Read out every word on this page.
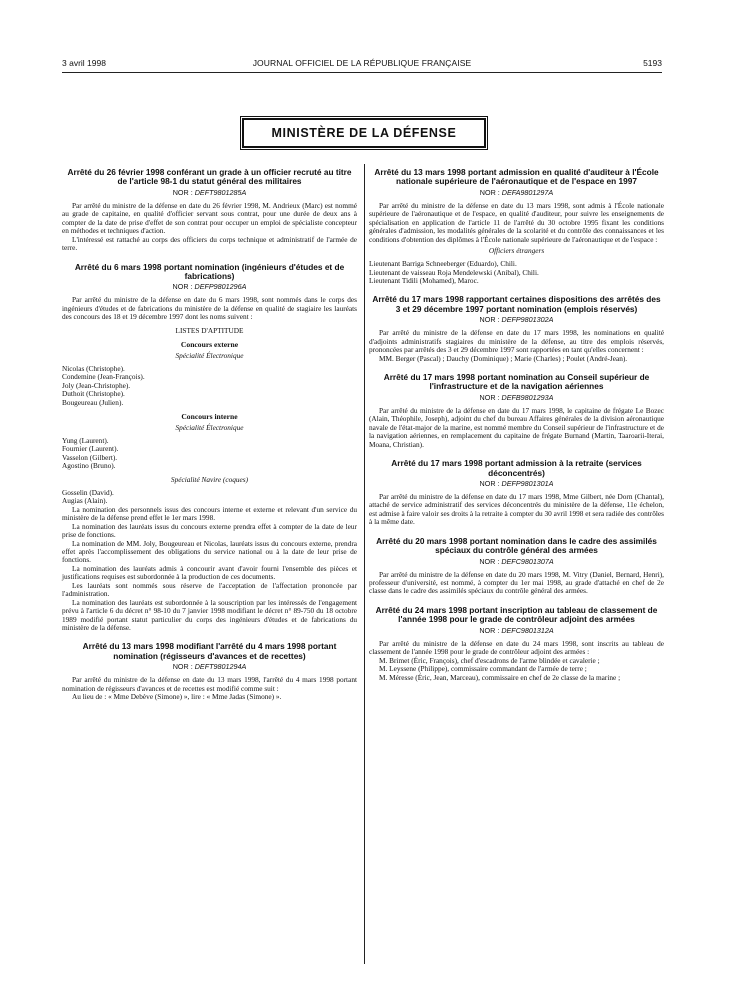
3 avril 1998	JOURNAL OFFICIEL DE LA RÉPUBLIQUE FRANÇAISE	5193
MINISTÈRE DE LA DÉFENSE
Arrêté du 26 février 1998 conférant un grade à un officier recruté au titre de l'article 98-1 du statut général des militaires
NOR : DEFT9801285A

Par arrêté du ministre de la défense en date du 26 février 1998, M. Andrieux (Marc) est nommé au grade de capitaine, en qualité d'officier servant sous contrat, pour une durée de deux ans à compter de la date de prise d'effet de son contrat pour occuper un emploi de spécialiste concepteur en méthodes et techniques d'action.

L'intéressé est rattaché au corps des officiers du corps technique et administratif de l'armée de terre.

Arrêté du 6 mars 1998 portant nomination (ingénieurs d'études et de fabrications)
NOR : DEFP9801296A

Par arrêté du ministre de la défense en date du 6 mars 1998, sont nommés dans le corps des ingénieurs d'études et de fabrications du ministère de la défense en qualité de stagiaire les lauréats des concours des 18 et 19 décembre 1997 dont les noms suivent :

LISTES D'APTITUDE
Concours externe
Spécialité Électronique
Nicolas (Christophe).
Condemine (Jean-François).
Joly (Jean-Christophe).
Duthoit (Christophe).
Bougeureau (Julien).
Concours interne
Spécialité Électronique
Yung (Laurent).
Fournier (Laurent).
Vasselon (Gilbert).
Agostino (Bruno).
Spécialité Navire (coques)
Gosselin (David).
Augias (Alain).

La nomination des personnels issus des concours interne et externe et relevant d'un service du ministère de la défense prend effet le 1er mars 1998.

La nomination des lauréats issus du concours externe prendra effet à compter de la date de leur prise de fonctions.

La nomination de MM. Joly, Bougeureau et Nicolas, lauréats issus du concours externe, prendra effet après l'accomplissement des obligations du service national ou à la date de leur prise de fonctions.

La nomination des lauréats admis à concourir avant d'avoir fourni l'ensemble des pièces et justifications requises est subordonnée à la production de ces documents.

Les lauréats sont nommés sous réserve de l'acceptation de l'affectation prononcée par l'administration.

La nomination des lauréats est subordonnée à la souscription par les intéressés de l'engagement prévu à l'article 6 du décret n° 98-10 du 7 janvier 1998 modifiant le décret n° 89-750 du 18 octobre 1989 modifié portant statut particulier du corps des ingénieurs d'études et de fabrications du ministère de la défense.

Arrêté du 13 mars 1998 modifiant l'arrêté du 4 mars 1998 portant nomination (régisseurs d'avances et de recettes)
NOR : DEFT9801294A

Par arrêté du ministre de la défense en date du 13 mars 1998, l'arrêté du 4 mars 1998 portant nomination de régisseurs d'avances et de recettes est modifié comme suit :

Au lieu de : « Mme Debève (Simone) », lire : « Mme Jadas (Simone) ».

Arrêté du 13 mars 1998 portant admission en qualité d'auditeur à l'École nationale supérieure de l'aéronautique et de l'espace en 1997
NOR : DEFA9801297A

Par arrêté du ministre de la défense en date du 13 mars 1998, sont admis à l'École nationale supérieure de l'aéronautique et de l'espace, en qualité d'auditeur, pour suivre les enseignements de spécialisation en application de l'article 11 de l'arrêté du 30 octobre 1995 fixant les conditions générales d'admission, les modalités générales de la scolarité et du contrôle des connaissances et les conditions d'obtention des diplômes à l'École nationale supérieure de l'aéronautique et de l'espace :

Officiers étrangers
Lieutenant Barriga Schneeberger (Eduardo), Chili.
Lieutenant de vaisseau Roja Mendelewski (Anibal), Chili.
Lieutenant Tidili (Mohamed), Maroc.
Arrêté du 17 mars 1998 rapportant certaines dispositions des arrêtés des 3 et 29 décembre 1997 portant nomination (emplois réservés)
NOR : DEFP9801302A

Par arrêté du ministre de la défense en date du 17 mars 1998, les nominations en qualité d'adjoints administratifs stagiaires du ministère de la défense, au titre des emplois réservés, prononcées par arrêtés des 3 et 29 décembre 1997 sont rapportées en tant qu'elles concernent :

MM. Berger (Pascal) ; Dauchy (Dominique) ; Marie (Charles) ; Poulet (André-Jean).

Arrêté du 17 mars 1998 portant nomination au Conseil supérieur de l'infrastructure et de la navigation aériennes
NOR : DEFB9801293A

Par arrêté du ministre de la défense en date du 17 mars 1998, le capitaine de frégate Le Bozec (Alain, Théophile, Joseph), adjoint du chef du bureau Affaires générales de la division aéronautique navale de l'état-major de la marine, est nommé membre du Conseil supérieur de l'infrastructure et de la navigation aériennes, en remplacement du capitaine de frégate Burnand (Martin, Taaroarii-Iterai, Moana, Christian).

Arrêté du 17 mars 1998 portant admission à la retraite (services déconcentrés)
NOR : DEFP9801301A

Par arrêté du ministre de la défense en date du 17 mars 1998, Mme Gilbert, née Dorn (Chantal), attaché de service administratif des services déconcentrés du ministère de la défense, 11e échelon, est admise à faire valoir ses droits à la retraite à compter du 30 avril 1998 et sera radiée des contrôles à la même date.

Arrêté du 20 mars 1998 portant nomination dans le cadre des assimilés spéciaux du contrôle général des armées
NOR : DEFC9801307A

Par arrêté du ministre de la défense en date du 20 mars 1998, M. Vitry (Daniel, Bernard, Henri), professeur d'université, est nommé, à compter du 1er mai 1998, au grade d'attaché en chef de 2e classe dans le cadre des assimilés spéciaux du contrôle général des armées.

Arrêté du 24 mars 1998 portant inscription au tableau de classement de l'année 1998 pour le grade de contrôleur adjoint des armées
NOR : DEFC9801312A

Par arrêté du ministre de la défense en date du 24 mars 1998, sont inscrits au tableau de classement de l'année 1998 pour le grade de contrôleur adjoint des armées :

M. Brimet (Éric, François), chef d'escadrons de l'arme blindée et cavalerie ;

M. Leyssene (Philippe), commissaire commandant de l'armée de terre ;

M. Méresse (Éric, Jean, Marceau), commissaire en chef de 2e classe de la marine ;
